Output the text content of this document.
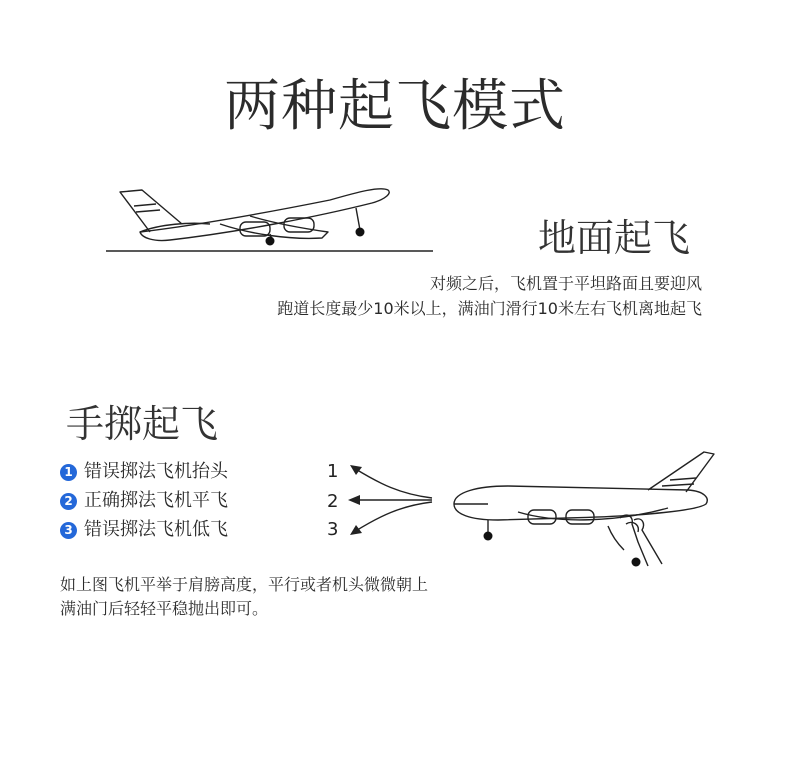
两种起飞模式
地面起飞
对频之后，飞机置于平坦路面且要迎风
跑道长度最少10米以上，满油门滑行10米左右飞机离地起飞
手掷起飞
1 错误掷法飞机抬头
2 正确掷法飞机平飞
3 错误掷法飞机低飞
1
2
3
如上图飞机平举于肩膀高度，平行或者机头微微朝上
满油门后轻轻平稳抛出即可。
